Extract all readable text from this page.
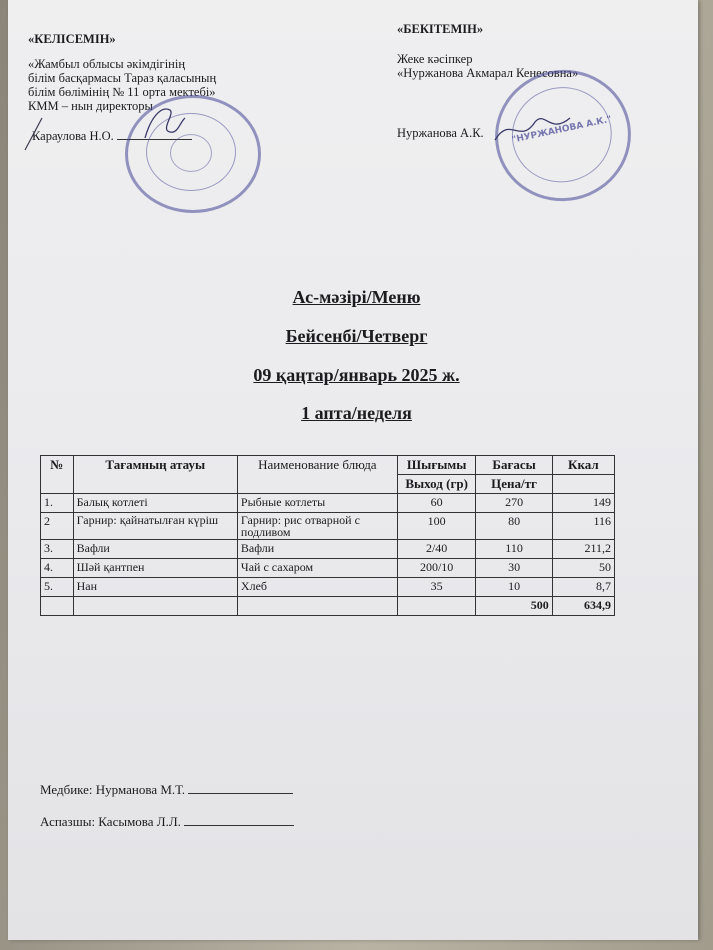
«КЕЛІСЕМІН»
«Жамбыл облысы әкімдігінің
білім басқармасы Тараз қаласының
білім бөлімінің № 11 орта мектебі»
КММ – нын директоры
Караулова Н.О.
«БЕКІТЕМІН»
Жеке кәсіпкер
«Нуржанова Акмарал Кенесовна»
Нуржанова А.К.	"НУРЖАНОВА А.К."
Ас-мәзірі/Меню
Бейсенбі/Четверг
09 қаңтар/январь 2025 ж.
1 апта/неделя
№	Тағамның атауы	Наименование блюда	Шығымы	Бағасы	Ккал
			Выход (гр)	Цена/тг	
1.	Балық котлеті	Рыбные котлеты	60	270	149
2	Гарнир: қайнатылған күріш	Гарнир: рис отварной с подливом	100	80	116
3.	Вафли	Вафли	2/40	110	211,2
4.	Шәй қантпен	Чай с сахаром	200/10	30	50
5.	Нан	Хлеб	35	10	8,7
				500	634,9
Медбике: Нурманова М.Т.
Аспазшы: Касымова Л.Л.
